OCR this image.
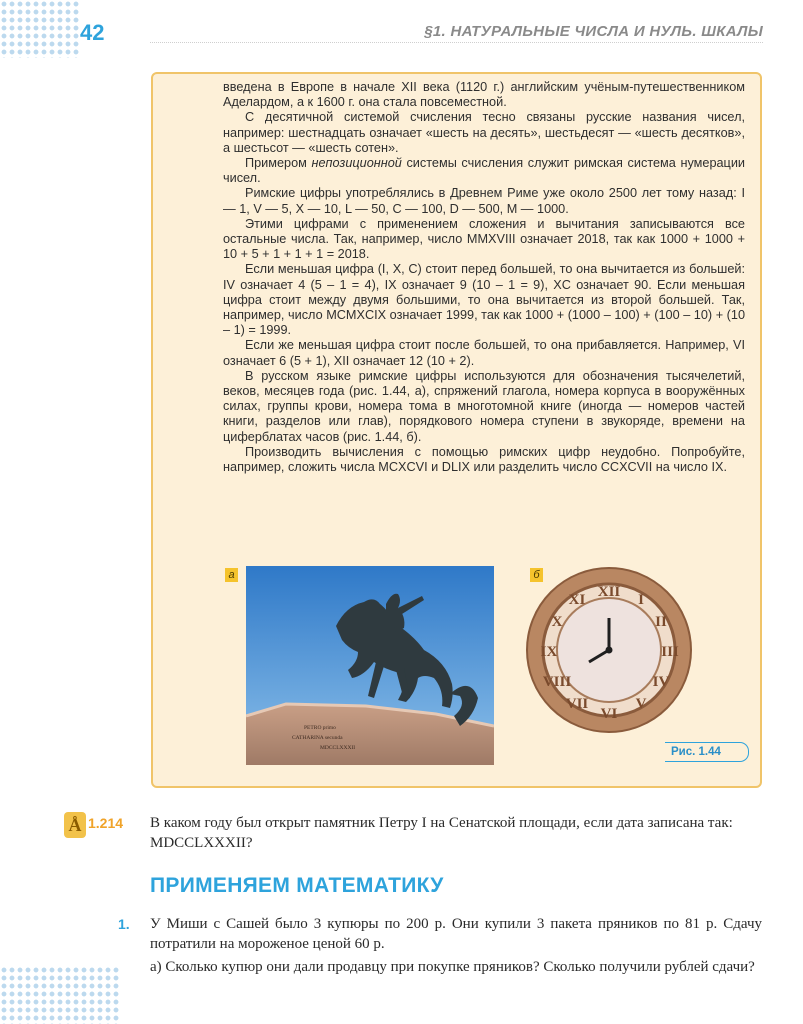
42	§1. НАТУРАЛЬНЫЕ ЧИСЛА И НУЛЬ. ШКАЛЫ

введена в Европе в начале XII века (1120 г.) английским учёным-путешественником Аделардом, а к 1600 г. она стала повсеместной.

С десятичной системой счисления тесно связаны русские названия чисел, например: шестнадцать означает «шесть на десять», шестьдесят — «шесть десятков», а шестьсот — «шесть сотен».

Примером непозиционной системы счисления служит римская система нумерации чисел.

Римские цифры употреблялись в Древнем Риме уже около 2500 лет тому назад: I — 1, V — 5, X — 10, L — 50, C — 100, D — 500, M — 1000.

Этими цифрами с применением сложения и вычитания записываются все остальные числа. Так, например, число MMXVIII означает 2018, так как 1000 + 1000 + 10 + 5 + 1 + 1 + 1 = 2018.

Если меньшая цифра (I, X, C) стоит перед большей, то она вычитается из большей: IV означает 4 (5 – 1 = 4), IX означает 9 (10 – 1 = 9), XC означает 90. Если меньшая цифра стоит между двумя большими, то она вычитается из второй большей. Так, например, число MCMXCIX означает 1999, так как 1000 + (1000 – 100) + (100 – 10) + (10 – 1) = 1999.

Если же меньшая цифра стоит после большей, то она прибавляется. Например, VI означает 6 (5 + 1), XII означает 12 (10 + 2).

В русском языке римские цифры используются для обозначения тысячелетий, веков, месяцев года (рис. 1.44, а), спряжений глагола, номера корпуса в вооружённых силах, группы крови, номера тома в многотомной книге (иногда — номеров частей книги, разделов или глав), порядкового номера ступени в звукоряде, времени на циферблатах часов (рис. 1.44, б).

Производить вычисления с помощью римских цифр неудобно. Попробуйте, например, сложить числа MCXCVI и DLIX или разделить число CCXCVII на число IX.

а
PETRO primo
CATHARINA secunda
MDCCLXXXII
б
XII I
II
III
IV
V
VI
VII
VIII
IX
X
XI
Рис. 1.44
Å 1.214 В каком году был открыт памятник Петру I на Сенатской площади, если дата записана так: MDCCLXXXII?
ПРИМЕНЯЕМ МАТЕМАТИКУ
1. У Миши с Сашей было 3 купюры по 200 р. Они купили 3 пакета пряников по 81 р. Сдачу потратили на мороженое ценой 60 р.

а) Сколько купюр они дали продавцу при покупке пряников? Сколько получили рублей сдачи?
